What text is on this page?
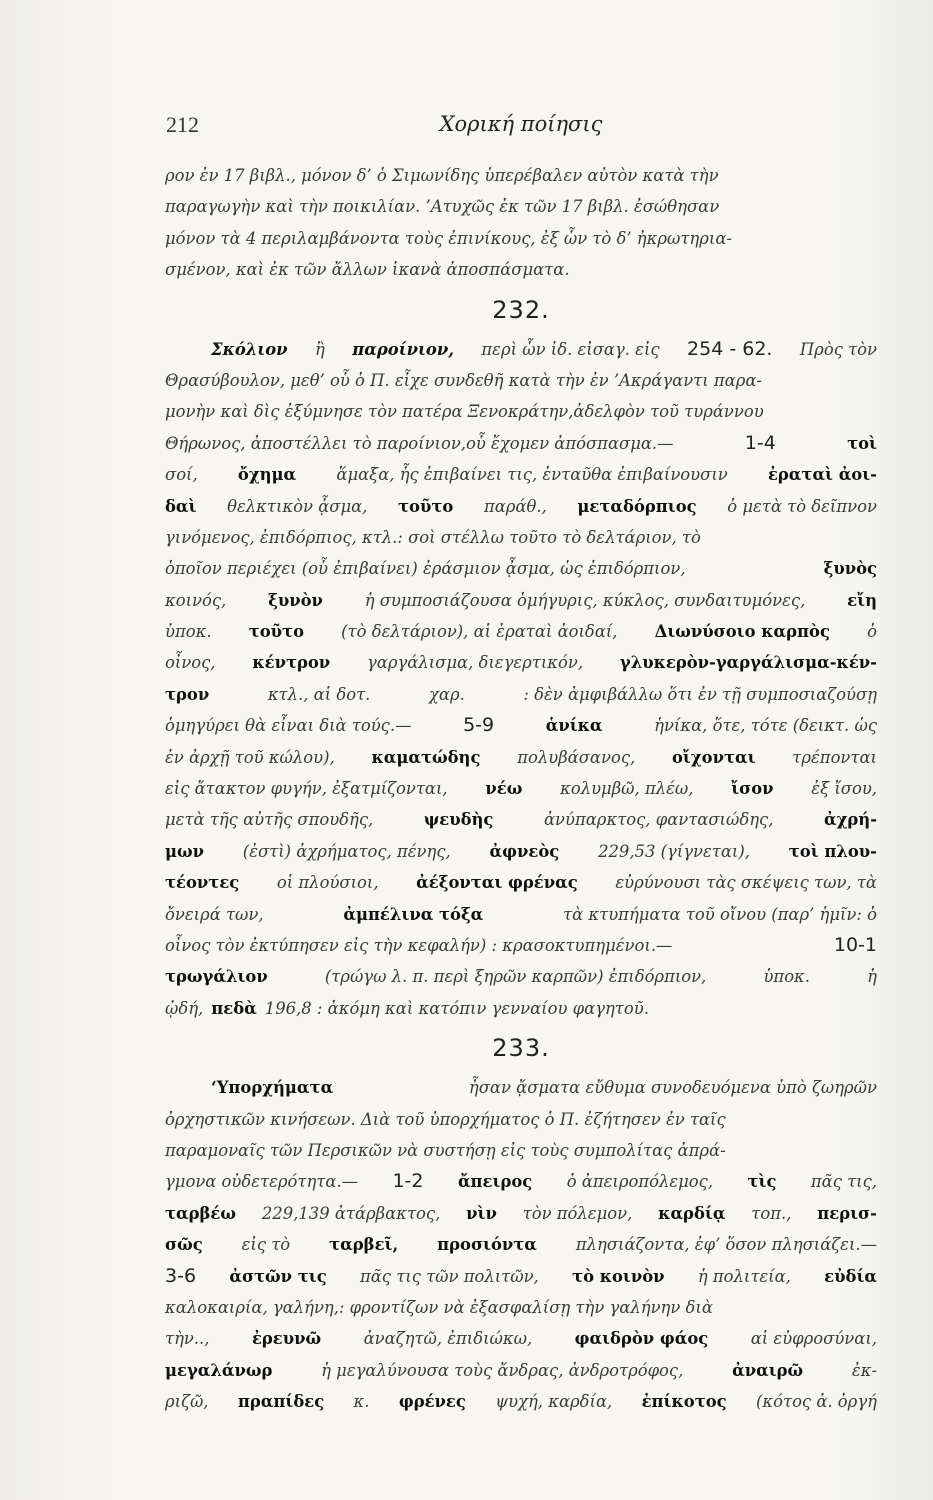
212	Χορική ποίησις
ρον ἐν 17 βιβλ., μόνον δ’ ὁ Σιμωνίδης ὑπερέβαλεν αὐτὸν κατὰ τὴν
παραγωγὴν καὶ τὴν ποικιλίαν. ’Ατυχῶς ἐκ τῶν 17 βιβλ. ἐσώθησαν
μόνον τὰ 4 περιλαμβάνοντα τοὺς ἐπινίκους, ἐξ ὧν τὸ δ’ ἠκρωτηρια-
σμένον, καὶ ἐκ τῶν ἄλλων ἱκανὰ ἀποσπάσματα.
232.
Σκόλιον ἢ παροίνιον, περὶ ὧν ἰδ. εἰσαγ. εἰς 254 - 62. Πρὸς τὸν
Θρασύβουλον, μεθ’ οὗ ὁ Π. εἶχε συνδεθῆ κατὰ τὴν ἐν ’Ακράγαντι παρα-
μονὴν καὶ δὶς ἐξύμνησε τὸν πατέρα Ξενοκράτην,ἀδελφὸν τοῦ τυράννου
Θήρωνος, ἀποστέλλει τὸ παροίνιον,οὗ ἔχομεν ἀπόσπασμα.—	1-4	τοὶ
σοί, ὄχημα ἅμαξα, ἧς ἐπιβαίνει τις, ἐνταῦθα ἐπιβαίνουσιν ἐραταὶ ἀοι-
δαὶ θελκτικὸν ᾆσμα, τοῦτο παράθ., μεταδόρπιος ὁ μετὰ τὸ δεῖπνον
γινόμενος, ἐπιδόρπιος, κτλ.: σοὶ στέλλω τοῦτο τὸ δελτάριον, τὸ
ὁποῖον περιέχει (οὗ ἐπιβαίνει) ἐράσμιον ᾆσμα, ὡς ἐπιδόρπιον,	ξυνὸς
κοινός,	ξυνὸν	ἡ συμποσιάζουσα ὁμήγυρις, κύκλος, συνδαιτυμόνες,	εἴη
ὑποκ. τοῦτο (τὸ δελτάριον), αἱ ἐραταὶ ἀοιδαί, Διωνύσοιο καρπὸς ὁ
οἶνος, κέντρον γαργάλισμα, διεγερτικόν, γλυκερὸν-γαργάλισμα-κέν-
τρον	κτλ., αἱ δοτ.	χαρ.	: δὲν ἀμφιβάλλω ὅτι ἐν τῇ συμποσιαζούσῃ
ὁμηγύρει θὰ εἶναι διὰ τούς.—	5-9	ἁνίκα	ἡνίκα, ὅτε, τότε (δεικτ. ὡς
ἐν ἀρχῇ τοῦ κώλου), καματώδης πολυβάσανος, οἴχονται τρέπονται
εἰς ἄτακτον φυγήν, ἐξατμίζονται, νέω κολυμβῶ, πλέω, ἴσον ἐξ ἴσου,
μετὰ τῆς αὐτῆς σπουδῆς,	ψευδὴς	ἀνύπαρκτος, φαντασιώδης,	ἀχρή-
μων (ἐστὶ) ἀχρήματος, πένης, ἀφνεὸς 229,53 (γίγνεται), τοὶ πλου-
τέοντες οἱ πλούσιοι, ἀέξονται φρένας εὐρύνουσι τὰς σκέψεις των, τὰ
ὄνειρά των,	ἀμπέλινα τόξα	τὰ κτυπήματα τοῦ οἴνου (παρ’ ἡμῖν: ὁ
οἶνος τὸν ἐκτύπησεν εἰς τὴν κεφαλήν) : κρασοκτυπημένοι.—	10-1
τρωγάλιον	(τρώγω λ. π. περὶ ξηρῶν καρπῶν) ἐπιδόρπιον,	ὑποκ.	ἡ
ᾠδή, πεδὰ 196,8 : ἀκόμη καὶ κατόπιν γενναίου φαγητοῦ.
233.
‘Υπορχήματα	ἦσαν ᾄσματα εὔθυμα συνοδευόμενα ὑπὸ ζωηρῶν
ὀρχηστικῶν κινήσεων. Διὰ τοῦ ὑπορχήματος ὁ Π. ἐζήτησεν ἐν ταῖς
παραμοναῖς τῶν Περσικῶν νὰ συστήσῃ εἰς τοὺς συμπολίτας ἀπρά-
γμονα οὐδετερότητα.— 1-2 ἄπειρος ὁ ἀπειροπόλεμος, τὶς πᾶς τις,
ταρβέω 229,139 ἀτάρβακτος, νὶν τὸν πόλεμον, καρδίᾳ τοπ., περισ-
σῶς εἰς τὸ ταρβεῖ, προσιόντα πλησιάζοντα, ἐφ’ ὅσον πλησιάζει.—
3-6 ἀστῶν τις πᾶς τις τῶν πολιτῶν, τὸ κοινὸν ἡ πολιτεία, εὐδία
καλοκαιρία, γαλήνη,: φροντίζων νὰ ἐξασφαλίσῃ τὴν γαλήνην διὰ
τὴν..,	ἐρευνῶ	ἀναζητῶ, ἐπιδιώκω,	φαιδρὸν φάος	αἱ εὐφροσύναι,
μεγαλάνωρ	ἡ μεγαλύνουσα τοὺς ἄνδρας, ἀνδροτρόφος,	ἀναιρῶ	ἐκ-
ριζῶ, πραπίδες κ. φρένες ψυχή, καρδία, ἐπίκοτος (κότος ἁ. ὀργή
